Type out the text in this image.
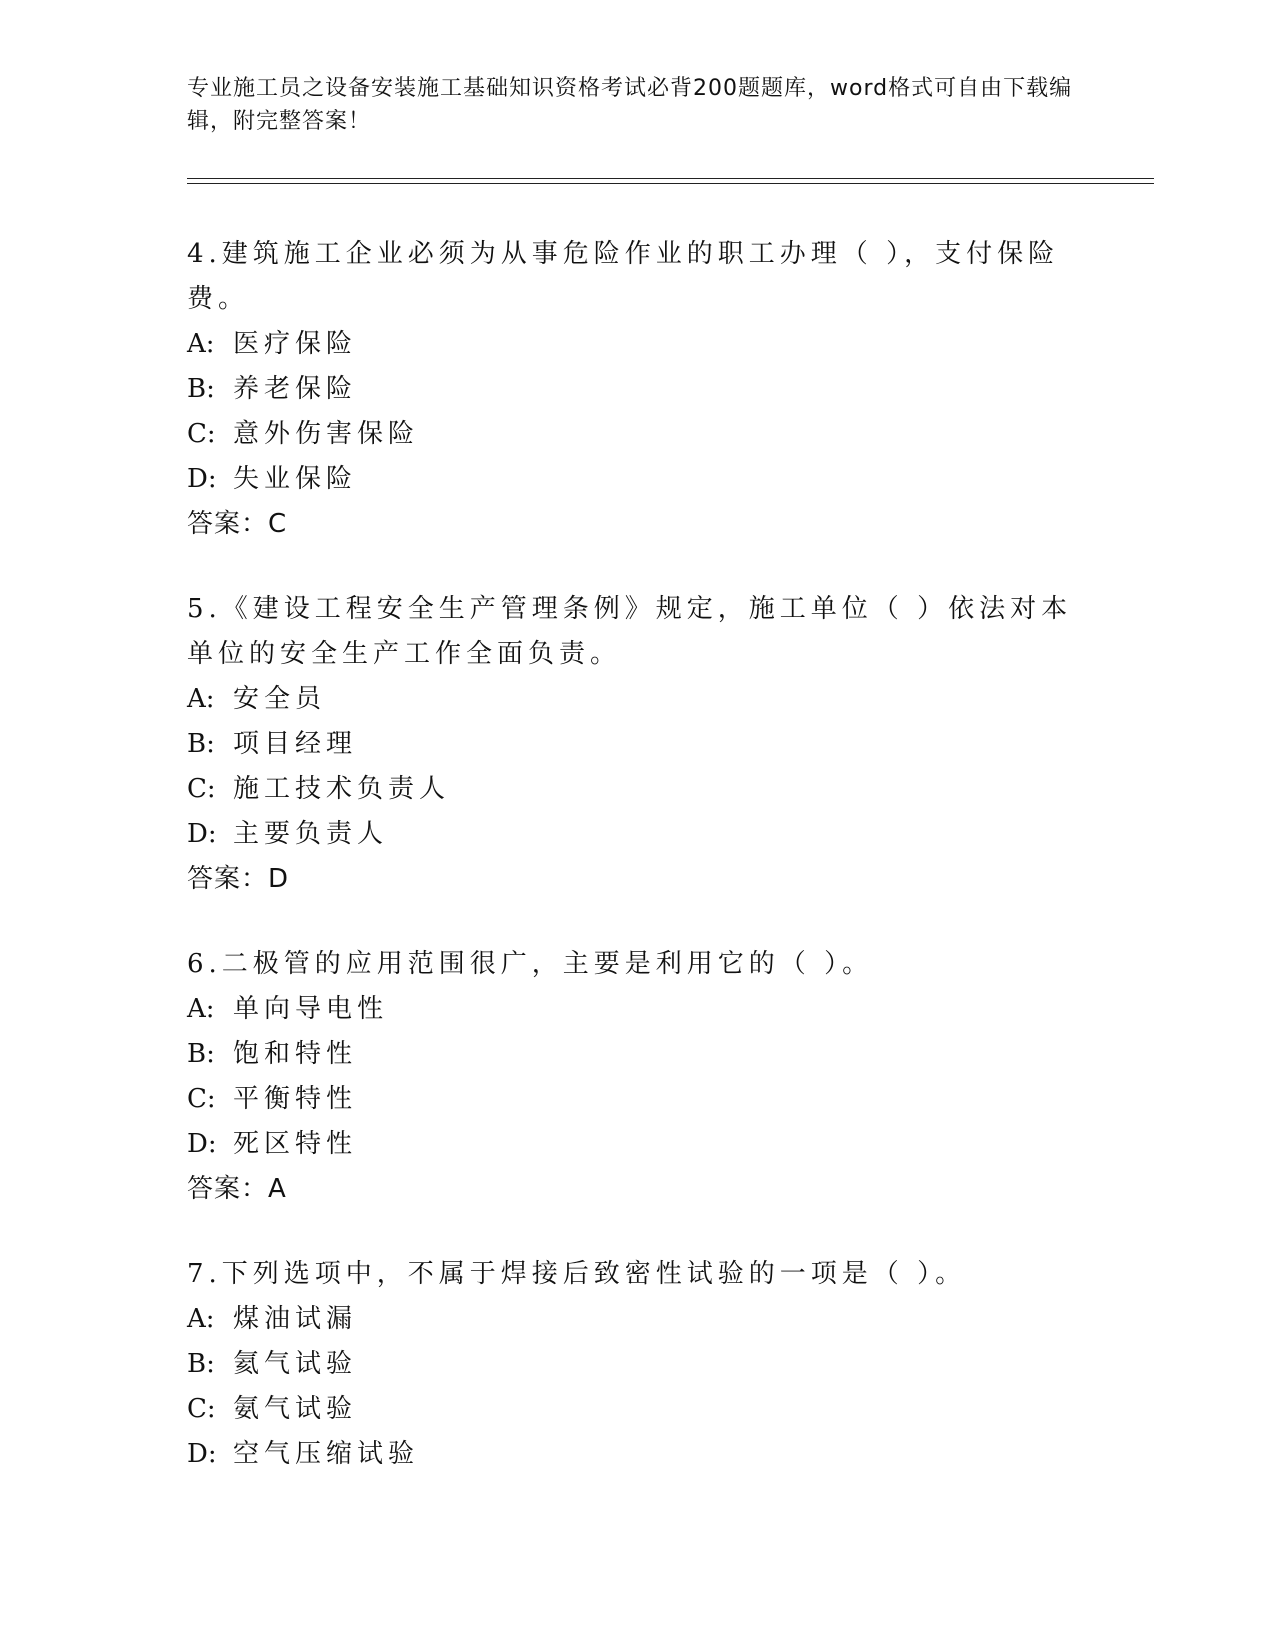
专业施工员之设备安装施工基础知识资格考试必背200题题库，word格式可自由下载编辑，附完整答案！

4.建筑施工企业必须为从事危险作业的职工办理（ ），支付保险费。

A: 医疗保险
B: 养老保险
C: 意外伤害保险
D: 失业保险
答案：C

5.《建设工程安全生产管理条例》规定，施工单位（ ）依法对本单位的安全生产工作全面负责。

A: 安全员
B: 项目经理
C: 施工技术负责人
D: 主要负责人
答案：D

6.二极管的应用范围很广，主要是利用它的（ ）。

A: 单向导电性
B: 饱和特性
C: 平衡特性
D: 死区特性
答案：A

7.下列选项中，不属于焊接后致密性试验的一项是（ ）。

A: 煤油试漏
B: 氦气试验
C: 氨气试验
D: 空气压缩试验
